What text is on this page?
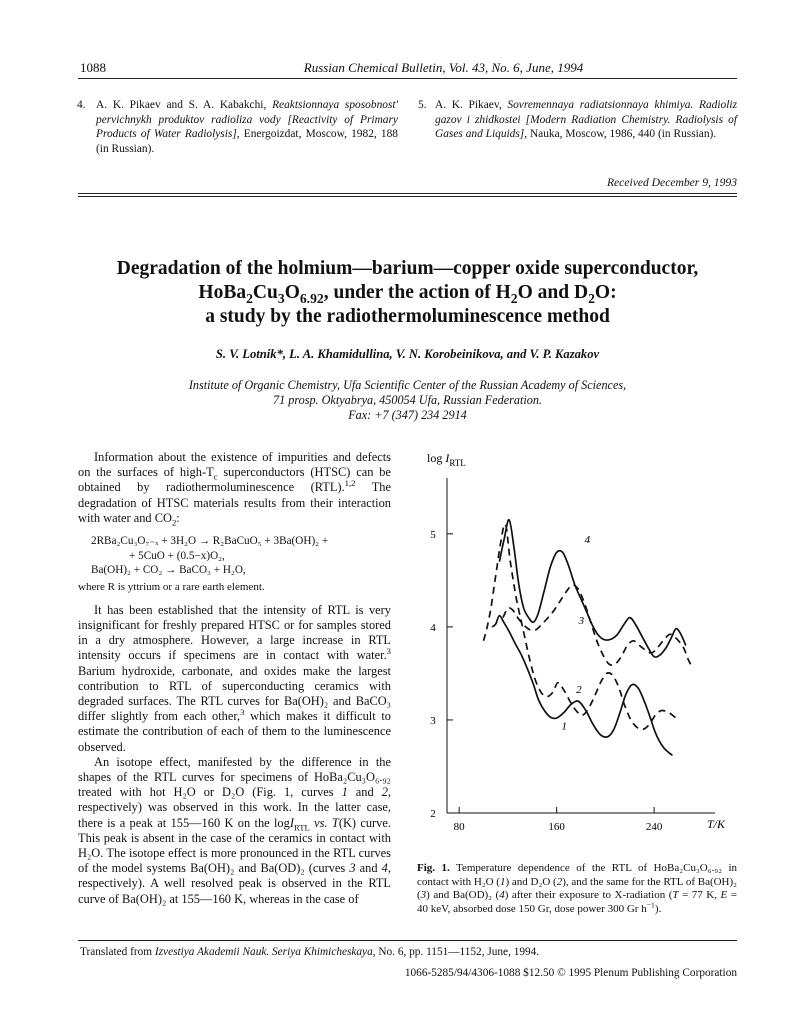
1088	Russian Chemical Bulletin, Vol. 43, No. 6, June, 1994
4. A. K. Pikaev and S. A. Kabakchi, Reaktsionnaya sposobnost' pervichnykh produktov radioliza vody [Reactivity of Primary Products of Water Radiolysis], Energoizdat, Moscow, 1982, 188 (in Russian).
5. A. K. Pikaev, Sovremennaya radiatsionnaya khimiya. Radioliz gazov i zhidkostei [Modern Radiation Chemistry. Radiolysis of Gases and Liquids], Nauka, Moscow, 1986, 440 (in Russian).
Received December 9, 1993
Degradation of the holmium—barium—copper oxide superconductor,
$HoBa_2Cu_3O_{6.92}$, under the action of $H_2O$ and $D_2O$:
a study by the radiothermoluminescence method
S. V. Lotnik*, L. A. Khamidullina, V. N. Korobeinikova, and V. P. Kazakov
Institute of Organic Chemistry, Ufa Scientific Center of the Russian Academy of Sciences,
71 prosp. Oktyabrya, 450054 Ufa, Russian Federation.
Fax: +7 (347) 234 2914

Information about the existence of impurities and defects on the surfaces of high-$T_c$ superconductors (HTSC) can be obtained by radiothermoluminescence (RTL).$^{1,2}$ The degradation of HTSC materials results from their interaction with water and $CO_2$:

2RBa₂Cu₃O₇₋ₓ + 3H₂O → R₂BaCuO₅ + 3Ba(OH)₂ +
+ 5CuO + (0.5−x)O₂,
Ba(OH)₂ + CO₂ → BaCO₃ + H₂O,
where R is yttrium or a rare earth element.

It has been established that the intensity of RTL is very insignificant for freshly prepared HTSC or for samples stored in a dry atmosphere. However, a large increase in RTL intensity occurs if specimens are in contact with water.$^3$ Barium hydroxide, carbonate, and oxides make the largest contribution to RTL of superconducting ceramics with degraded surfaces. The RTL curves for Ba(OH)₂ and BaCO₃ differ slightly from each other,$^3$ which makes it difficult to estimate the contribution of each of them to the luminescence observed.

An isotope effect, manifested by the difference in the shapes of the RTL curves for specimens of HoBa₂Cu₃O₆.₉₂ treated with hot H₂O or D₂O (Fig. 1, curves 1 and 2, respectively) was observed in this work. In the latter case, there is a peak at 155—160 K on the logI$_{RTL}$ vs. T(K) curve. This peak is absent in the case of the ceramics in contact with H₂O. The isotope effect is more pronounced in the RTL curves of the model systems Ba(OH)₂ and Ba(OD)₂ (curves 3 and 4, respectively). A well resolved peak is observed in the RTL curve of Ba(OH)₂ at 155—160 K, whereas in the case of

2
3
4
5
80	160	240
1
2
3
4
$\log I_{RTL}$
T/K
Fig. 1. Temperature dependence of the RTL of HoBa₂Cu₃O₆.₉₂ in contact with H₂O (1) and D₂O (2), and the same for the RTL of Ba(OH)₂ (3) and Ba(OD)₂ (4) after their exposure to X-radiation (T = 77 K, E = 40 keV, absorbed dose 150 Gr, dose power 300 Gr $h^{-1}$).
Translated from Izvestiya Akademii Nauk. Seriya Khimicheskaya, No. 6, pp. 1151—1152, June, 1994.
1066-5285/94/4306-1088 $12.50 © 1995 Plenum Publishing Corporation
